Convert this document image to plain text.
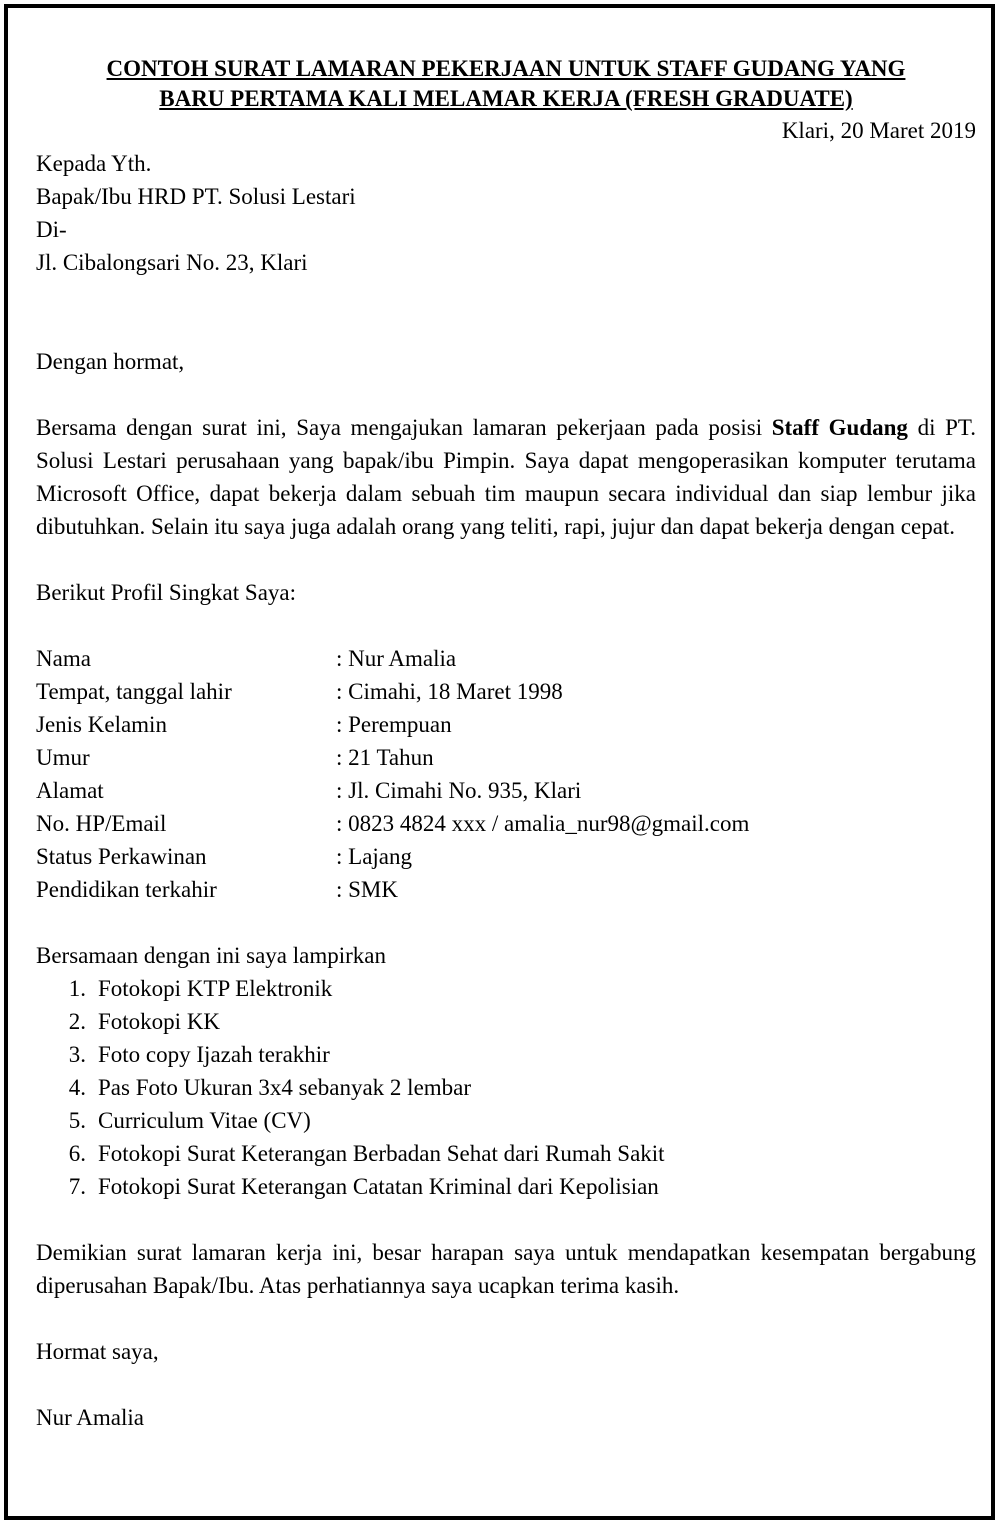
CONTOH SURAT LAMARAN PEKERJAAN UNTUK STAFF GUDANG YANG
BARU PERTAMA KALI MELAMAR KERJA (FRESH GRADUATE)
Klari, 20 Maret 2019
Kepada Yth.
Bapak/Ibu HRD PT. Solusi Lestari
Di-
Jl. Cibalongsari No. 23, Klari
Dengan hormat,
Bersama dengan surat ini, Saya mengajukan lamaran pekerjaan pada posisi Staff Gudang di PT. Solusi Lestari perusahaan yang bapak/ibu Pimpin. Saya dapat mengoperasikan komputer terutama Microsoft Office, dapat bekerja dalam sebuah tim maupun secara individual dan siap lembur jika dibutuhkan. Selain itu saya juga adalah orang yang teliti, rapi, jujur dan dapat bekerja dengan cepat.
Berikut Profil Singkat Saya:
Nama	: Nur Amalia
Tempat, tanggal lahir	: Cimahi, 18 Maret 1998
Jenis Kelamin	: Perempuan
Umur	: 21 Tahun
Alamat	: Jl. Cimahi No. 935, Klari
No. HP/Email	: 0823 4824 xxx / amalia_nur98@gmail.com
Status Perkawinan	: Lajang
Pendidikan terkahir	: SMK
Bersamaan dengan ini saya lampirkan
1. Fotokopi KTP Elektronik
2. Fotokopi KK
3. Foto copy Ijazah terakhir
4. Pas Foto Ukuran 3x4 sebanyak 2 lembar
5. Curriculum Vitae (CV)
6. Fotokopi Surat Keterangan Berbadan Sehat dari Rumah Sakit
7. Fotokopi Surat Keterangan Catatan Kriminal dari Kepolisian
Demikian surat lamaran kerja ini, besar harapan saya untuk mendapatkan kesempatan bergabung diperusahan Bapak/Ibu. Atas perhatiannya saya ucapkan terima kasih.
Hormat saya,
Nur Amalia
